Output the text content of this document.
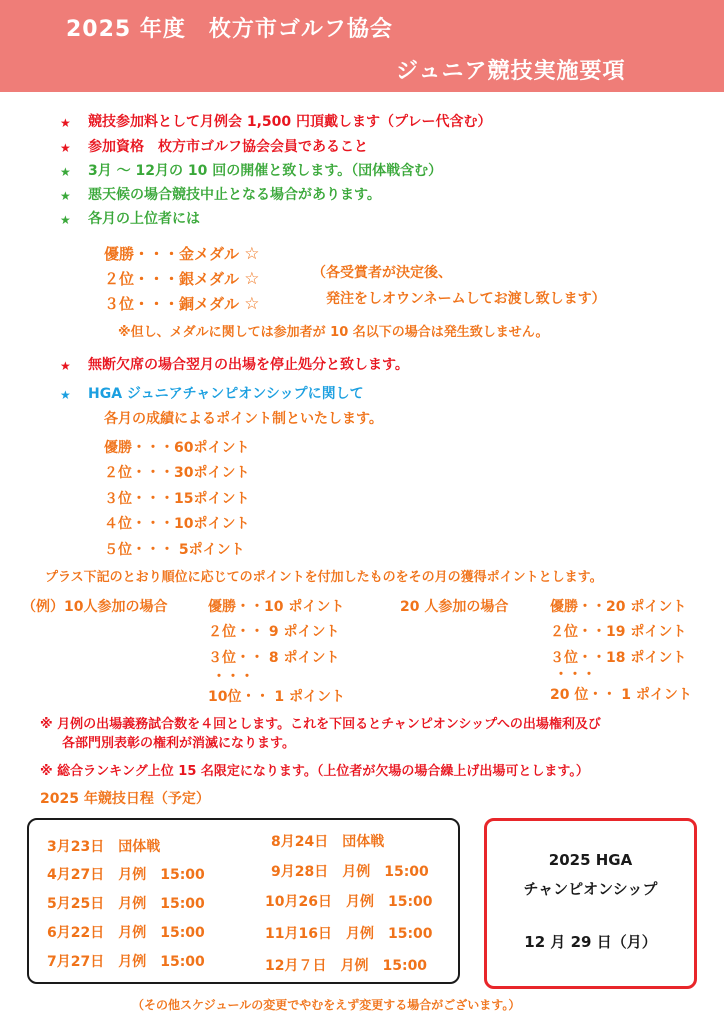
2025 年度　枚方市ゴルフ協会
ジュニア競技実施要項
★ 競技参加料として月例会 1,500 円頂戴します（プレー代含む）
★ 参加資格　枚方市ゴルフ協会会員であること
★ 3月 ～ 12月の 10 回の開催と致します。（団体戦含む）
★ 悪天候の場合競技中止となる場合があります。
★ 各月の上位者には
優勝・・・金メダル ☆
２位・・・銀メダル ☆
３位・・・銅メダル ☆
（各受賞者が決定後、
発注をしオウンネームしてお渡し致します）
※但し、メダルに関しては参加者が 10 名以下の場合は発生致しません。
★ 無断欠席の場合翌月の出場を停止処分と致します。
★ HGA ジュニアチャンピオンシップに関して
各月の成績によるポイント制といたします。
優勝・・・60ポイント
２位・・・30ポイント
３位・・・15ポイント
４位・・・10ポイント
５位・・・ 5ポイント
プラス下記のとおり順位に応じてのポイントを付加したものをその月の獲得ポイントとします。
（例）10人参加の場合	優勝・・10 ポイント
２位・・ 9 ポイント
３位・・ 8 ポイント
・・・
10位・・ 1 ポイント
20 人参加の場合	優勝・・20 ポイント
２位・・19 ポイント
３位・・18 ポイント
・・・
20 位・・ 1 ポイント
※ 月例の出場義務試合数を４回とします。これを下回るとチャンピオンシップへの出場権利及び
各部門別表彰の権利が消滅になります。
※ 総合ランキング上位 15 名限定になります。（上位者が欠場の場合繰上げ出場可とします。）
2025 年競技日程（予定）
3月23日　団体戦
4月27日　月例　15:00
5月25日　月例　15:00
6月22日　月例　15:00
7月27日　月例　15:00
8月24日　団体戦
9月28日　月例　15:00
10月26日　月例　15:00
11月16日　月例　15:00
12月７日　月例　15:00
2025 HGA
チャンピオンシップ
12 月 29 日（月）
（その他スケジュールの変更でやむをえず変更する場合がございます。）
